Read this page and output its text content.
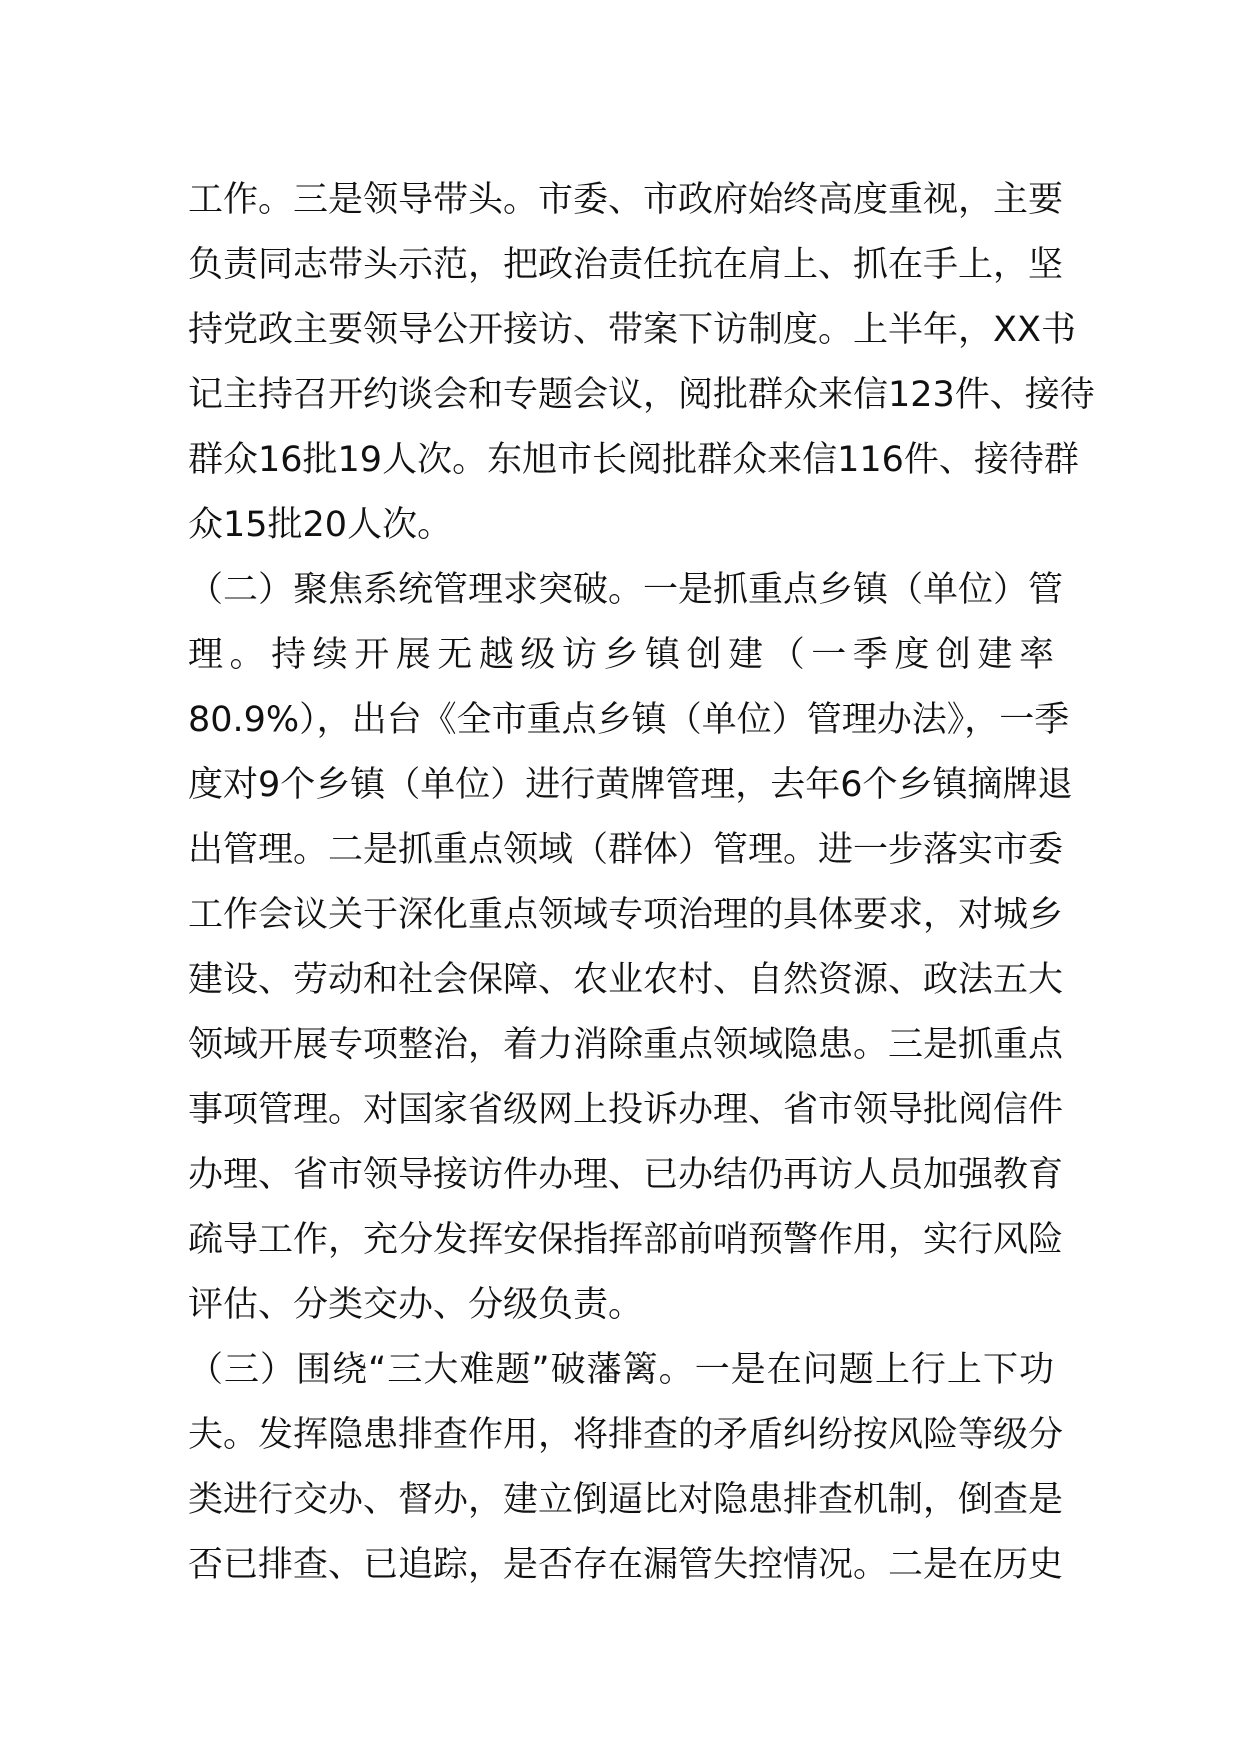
工作。三是领导带头。市委、市政府始终高度重视，主要
负责同志带头示范，把政治责任抗在肩上、抓在手上，坚
持党政主要领导公开接访、带案下访制度。上半年，XX书
记主持召开约谈会和专题会议，阅批群众来信123件、接待
群众16批19人次。东旭市长阅批群众来信116件、接待群
众15批20人次。
（二）聚焦系统管理求突破。一是抓重点乡镇（单位）管
理。持续开展无越级访乡镇创建（一季度创建率
80.9%），出台《全市重点乡镇（单位）管理办法》，一季
度对9个乡镇（单位）进行黄牌管理，去年6个乡镇摘牌退
出管理。二是抓重点领域（群体）管理。进一步落实市委
工作会议关于深化重点领域专项治理的具体要求，对城乡
建设、劳动和社会保障、农业农村、自然资源、政法五大
领域开展专项整治，着力消除重点领域隐患。三是抓重点
事项管理。对国家省级网上投诉办理、省市领导批阅信件
办理、省市领导接访件办理、已办结仍再访人员加强教育
疏导工作，充分发挥安保指挥部前哨预警作用，实行风险
评估、分类交办、分级负责。
（三）围绕“三大难题”破藩篱。一是在问题上行上下功
夫。发挥隐患排查作用，将排查的矛盾纠纷按风险等级分
类进行交办、督办，建立倒逼比对隐患排查机制，倒查是
否已排查、已追踪，是否存在漏管失控情况。二是在历史
